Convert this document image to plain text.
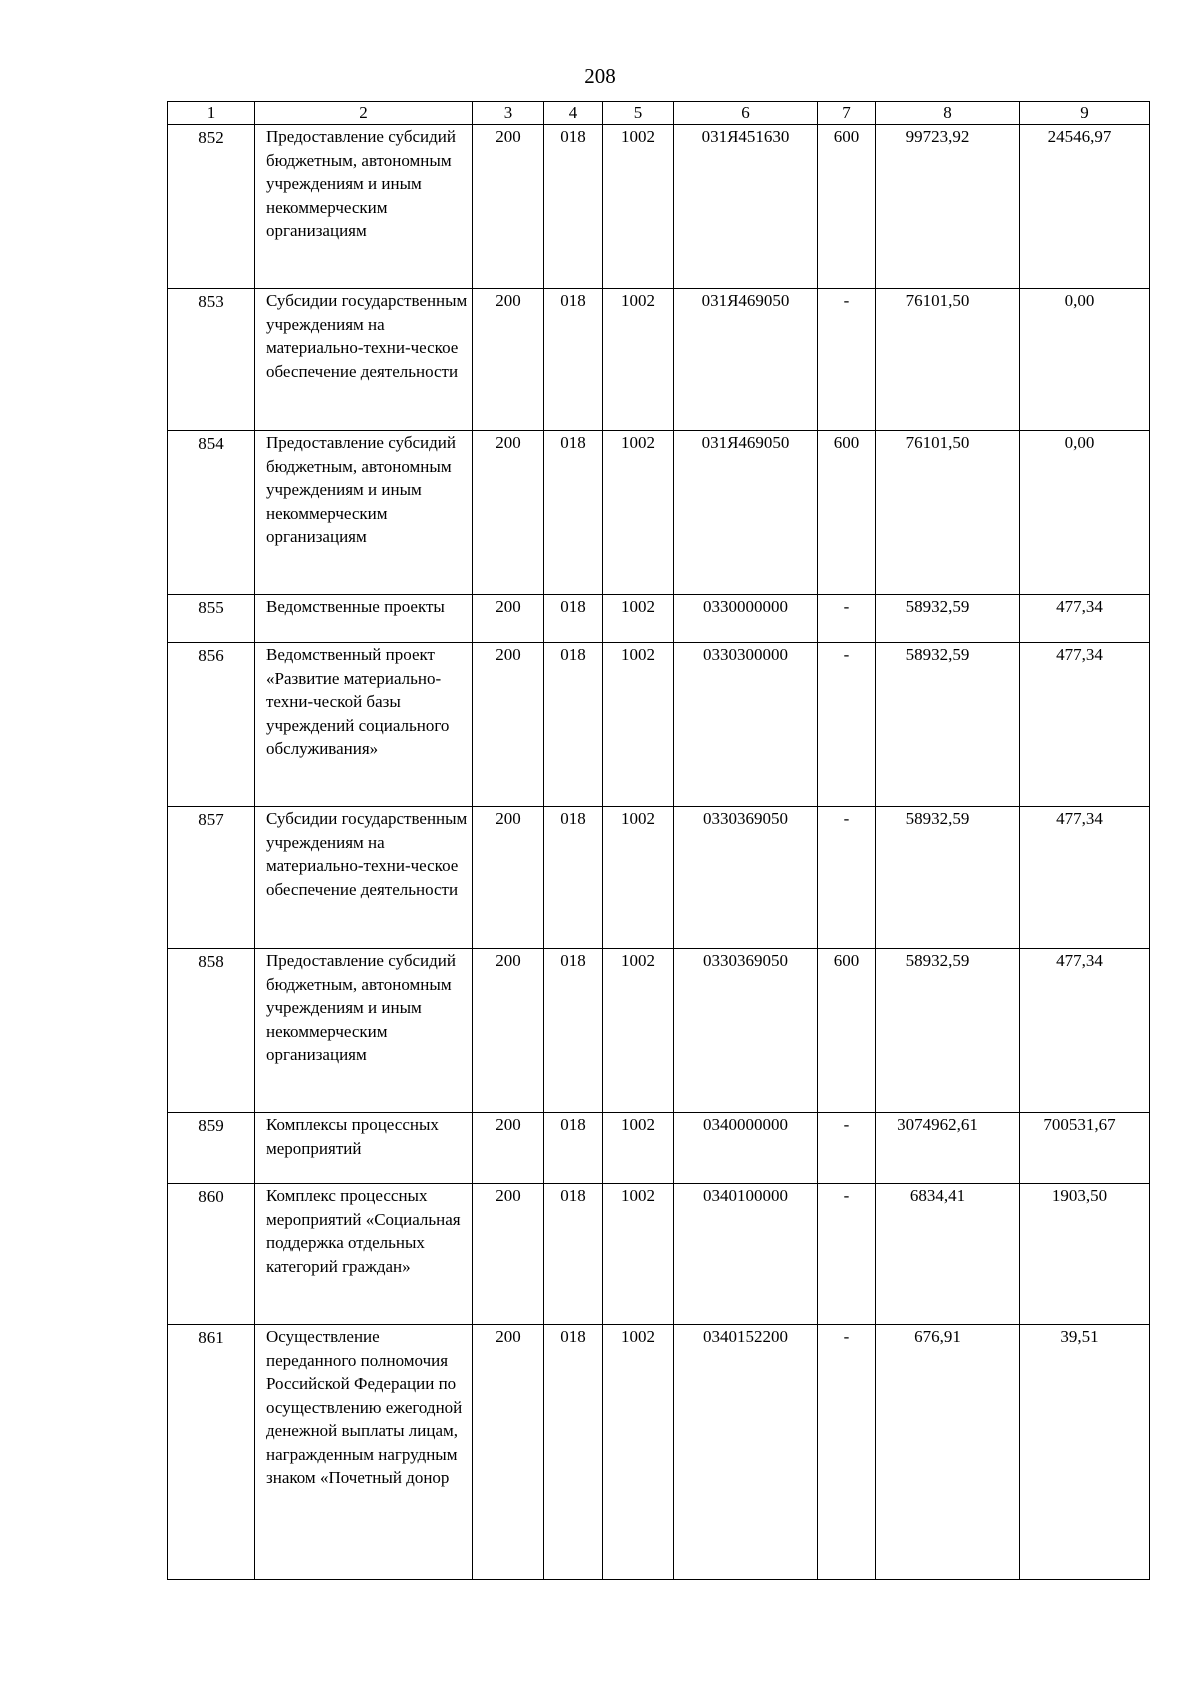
208
1	2	3	4	5	6	7	8	9
852	Предоставление субсидий бюджетным, автономным учреждениям и иным некоммерческим организациям	200	018	1002	031Я451630	600	99723,92	24546,97
853	Субсидии государственным учреждениям на материально-техни-ческое обеспечение деятельности	200	018	1002	031Я469050	-	76101,50	0,00
854	Предоставление субсидий бюджетным, автономным учреждениям и иным некоммерческим организациям	200	018	1002	031Я469050	600	76101,50	0,00
855	Ведомственные проекты	200	018	1002	0330000000	-	58932,59	477,34
856	Ведомственный проект «Развитие материально-техни-ческой базы учреждений социального обслуживания»	200	018	1002	0330300000	-	58932,59	477,34
857	Субсидии государственным учреждениям на материально-техни-ческое обеспечение деятельности	200	018	1002	0330369050	-	58932,59	477,34
858	Предоставление субсидий бюджетным, автономным учреждениям и иным некоммерческим организациям	200	018	1002	0330369050	600	58932,59	477,34
859	Комплексы процессных мероприятий	200	018	1002	0340000000	-	3074962,61	700531,67
860	Комплекс процессных мероприятий «Социальная поддержка отдельных категорий граждан»	200	018	1002	0340100000	-	6834,41	1903,50
861	Осуществление переданного полномочия Российской Федерации по осуществлению ежегодной денежной выплаты лицам, награжденным нагрудным знаком «Почетный донор	200	018	1002	0340152200	-	676,91	39,51
